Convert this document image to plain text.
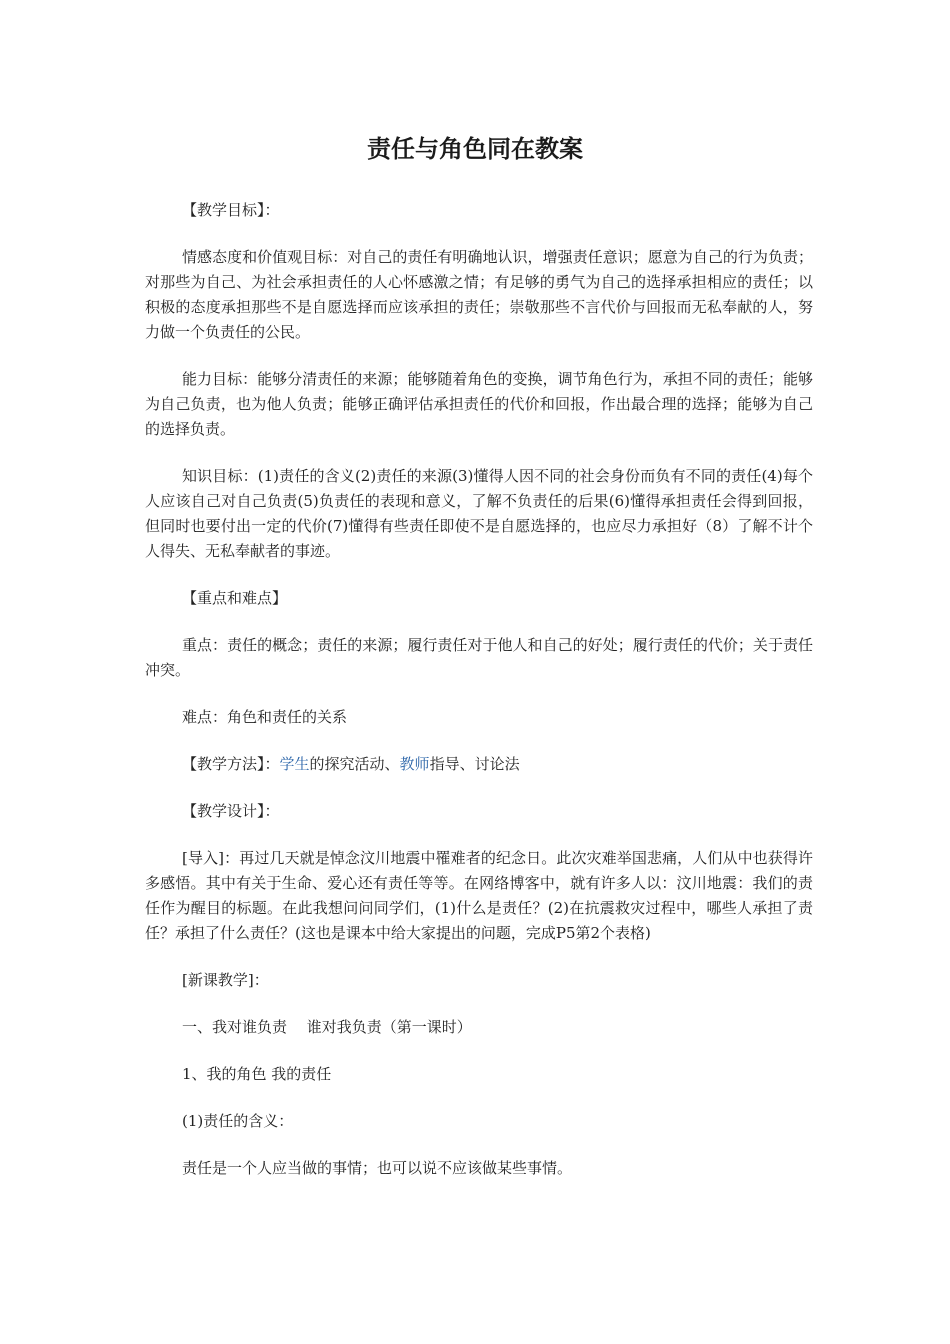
责任与角色同在教案

【教学目标】：

情感态度和价值观目标：对自己的责任有明确地认识，增强责任意识；愿意为自己的行为负责；对那些为自己、为社会承担责任的人心怀感激之情；有足够的勇气为自己的选择承担相应的责任；以积极的态度承担那些不是自愿选择而应该承担的责任；崇敬那些不言代价与回报而无私奉献的人，努力做一个负责任的公民。

能力目标：能够分清责任的来源；能够随着角色的变换，调节角色行为，承担不同的责任；能够为自己负责，也为他人负责；能够正确评估承担责任的代价和回报，作出最合理的选择；能够为自己的选择负责。

知识目标：(1)责任的含义(2)责任的来源(3)懂得人因不同的社会身份而负有不同的责任(4)每个人应该自己对自己负责(5)负责任的表现和意义，了解不负责任的后果(6)懂得承担责任会得到回报，但同时也要付出一定的代价(7)懂得有些责任即使不是自愿选择的，也应尽力承担好（8）了解不计个人得失、无私奉献者的事迹。

【重点和难点】

重点：责任的概念；责任的来源；履行责任对于他人和自己的好处；履行责任的代价；关于责任冲突。

难点：角色和责任的关系

【教学方法】：学生的探究活动、教师指导、讨论法

【教学设计】：

[导入]：再过几天就是悼念汶川地震中罹难者的纪念日。此次灾难举国悲痛，人们从中也获得许多感悟。其中有关于生命、爱心还有责任等等。在网络博客中，就有许多人以：汶川地震：我们的责任作为醒目的标题。在此我想问问同学们，(1)什么是责任？(2)在抗震救灾过程中，哪些人承担了责任？承担了什么责任？(这也是课本中给大家提出的问题，完成P5第2个表格)

[新课教学]：

一、我对谁负责　 谁对我负责（第一课时）

1、我的角色 我的责任

(1)责任的含义：

责任是一个人应当做的事情；也可以说不应该做某些事情。
